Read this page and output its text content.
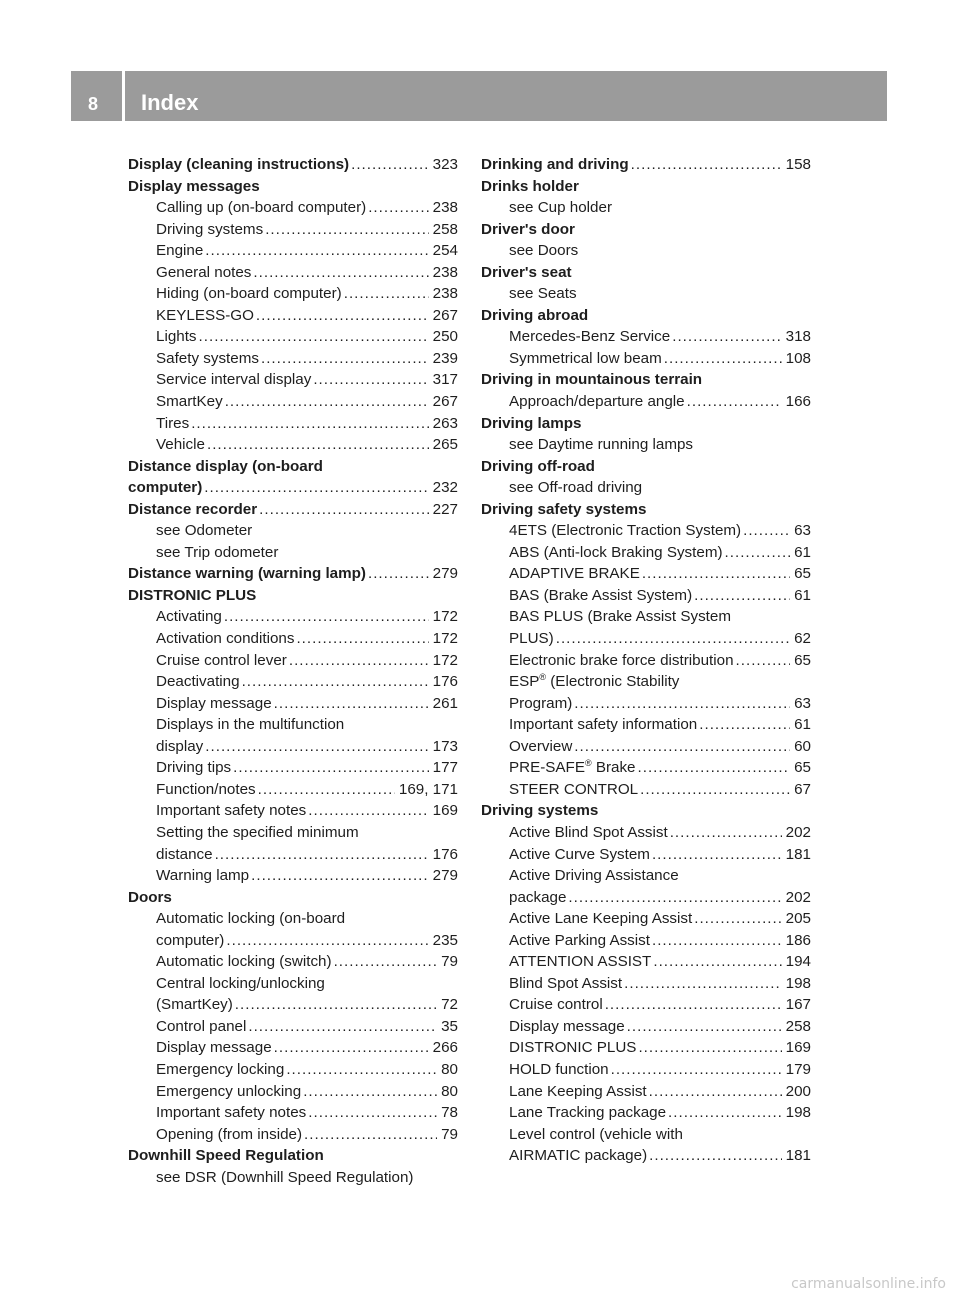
8	Index
Display (cleaning instructions) .....	323
Display messages
Calling up (on-board computer) .....	238
Driving systems .....	258
Engine .....	254
General notes .....	238
Hiding (on-board computer) .....	238
KEYLESS-GO .....	267
Lights .....	250
Safety systems .....	239
Service interval display .....	317
SmartKey .....	267
Tires .....	263
Vehicle .....	265
Distance display (on-board
computer) .....	232
Distance recorder .....	227
see Odometer
see Trip odometer
Distance warning (warning lamp) .....	279
DISTRONIC PLUS
Activating .....	172
Activation conditions .....	172
Cruise control lever .....	172
Deactivating .....	176
Display message .....	261
Displays in the multifunction
display .....	173
Driving tips .....	177
Function/notes .....	169, 171
Important safety notes .....	169
Setting the specified minimum
distance .....	176
Warning lamp .....	279
Doors
Automatic locking (on-board
computer) .....	235
Automatic locking (switch) .....	79
Central locking/unlocking
(SmartKey) .....	72
Control panel .....	35
Display message .....	266
Emergency locking .....	80
Emergency unlocking .....	80
Important safety notes .....	78
Opening (from inside) .....	79
Downhill Speed Regulation
see DSR (Downhill Speed Regulation)
Drinking and driving .....	158
Drinks holder
see Cup holder
Driver's door
see Doors
Driver's seat
see Seats
Driving abroad
Mercedes-Benz Service .....	318
Symmetrical low beam .....	108
Driving in mountainous terrain
Approach/departure angle .....	166
Driving lamps
see Daytime running lamps
Driving off-road
see Off-road driving
Driving safety systems
4ETS (Electronic Traction System) .....	63
ABS (Anti-lock Braking System) .....	61
ADAPTIVE BRAKE .....	65
BAS (Brake Assist System) .....	61
BAS PLUS (Brake Assist System
PLUS) .....	62
Electronic brake force distribution .....	65
ESP® (Electronic Stability
Program) .....	63
Important safety information .....	61
Overview .....	60
PRE-SAFE® Brake .....	65
STEER CONTROL .....	67
Driving systems
Active Blind Spot Assist .....	202
Active Curve System .....	181
Active Driving Assistance
package .....	202
Active Lane Keeping Assist .....	205
Active Parking Assist .....	186
ATTENTION ASSIST .....	194
Blind Spot Assist .....	198
Cruise control .....	167
Display message .....	258
DISTRONIC PLUS .....	169
HOLD function .....	179
Lane Keeping Assist .....	200
Lane Tracking package .....	198
Level control (vehicle with
AIRMATIC package) .....	181
carmanualsonline.info
